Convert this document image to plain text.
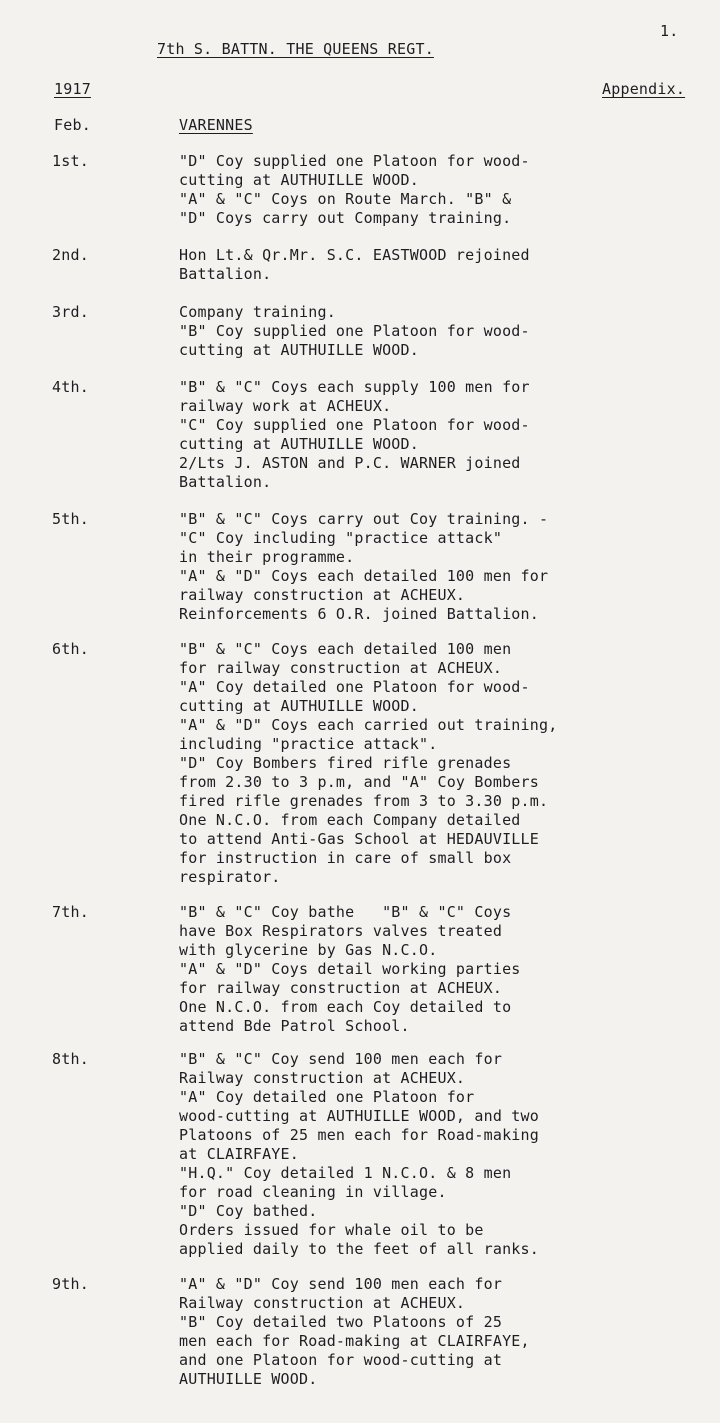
1.
7th S. BATTN. THE QUEENS REGT.
1917	Appendix.
Feb.	VARENNES
1st.	"D" Coy supplied one Platoon for wood-
cutting at AUTHUILLE WOOD.
"A" & "C" Coys on Route March. "B" &
"D" Coys carry out Company training.
2nd.	Hon Lt.& Qr.Mr. S.C. EASTWOOD rejoined
Battalion.
3rd.	Company training.
"B" Coy supplied one Platoon for wood-
cutting at AUTHUILLE WOOD.
4th.	"B" & "C" Coys each supply 100 men for
railway work at ACHEUX.
"C" Coy supplied one Platoon for wood-
cutting at AUTHUILLE WOOD.
2/Lts J. ASTON and P.C. WARNER joined
Battalion.
5th.	"B" & "C" Coys carry out Coy training. -
"C" Coy including "practice attack"
in their programme.
"A" & "D" Coys each detailed 100 men for
railway construction at ACHEUX.
Reinforcements 6 O.R. joined Battalion.
6th.	"B" & "C" Coys each detailed 100 men
for railway construction at ACHEUX.
"A" Coy detailed one Platoon for wood-
cutting at AUTHUILLE WOOD.
"A" & "D" Coys each carried out training,
including "practice attack".
"D" Coy Bombers fired rifle grenades
from 2.30 to 3 p.m, and "A" Coy Bombers
fired rifle grenades from 3 to 3.30 p.m.
One N.C.O. from each Company detailed
to attend Anti-Gas School at HEDAUVILLE
for instruction in care of small box
respirator.
7th.	"B" & "C" Coy bathe   "B" & "C" Coys
have Box Respirators valves treated
with glycerine by Gas N.C.O.
"A" & "D" Coys detail working parties
for railway construction at ACHEUX.
One N.C.O. from each Coy detailed to
attend Bde Patrol School.
8th.	"B" & "C" Coy send 100 men each for
Railway construction at ACHEUX.
"A" Coy detailed one Platoon for
wood-cutting at AUTHUILLE WOOD, and two
Platoons of 25 men each for Road-making
at CLAIRFAYE.
"H.Q." Coy detailed 1 N.C.O. & 8 men
for road cleaning in village.
"D" Coy bathed.
Orders issued for whale oil to be
applied daily to the feet of all ranks.
9th.	"A" & "D" Coy send 100 men each for
Railway construction at ACHEUX.
"B" Coy detailed two Platoons of 25
men each for Road-making at CLAIRFAYE,
and one Platoon for wood-cutting at
AUTHUILLE WOOD.
